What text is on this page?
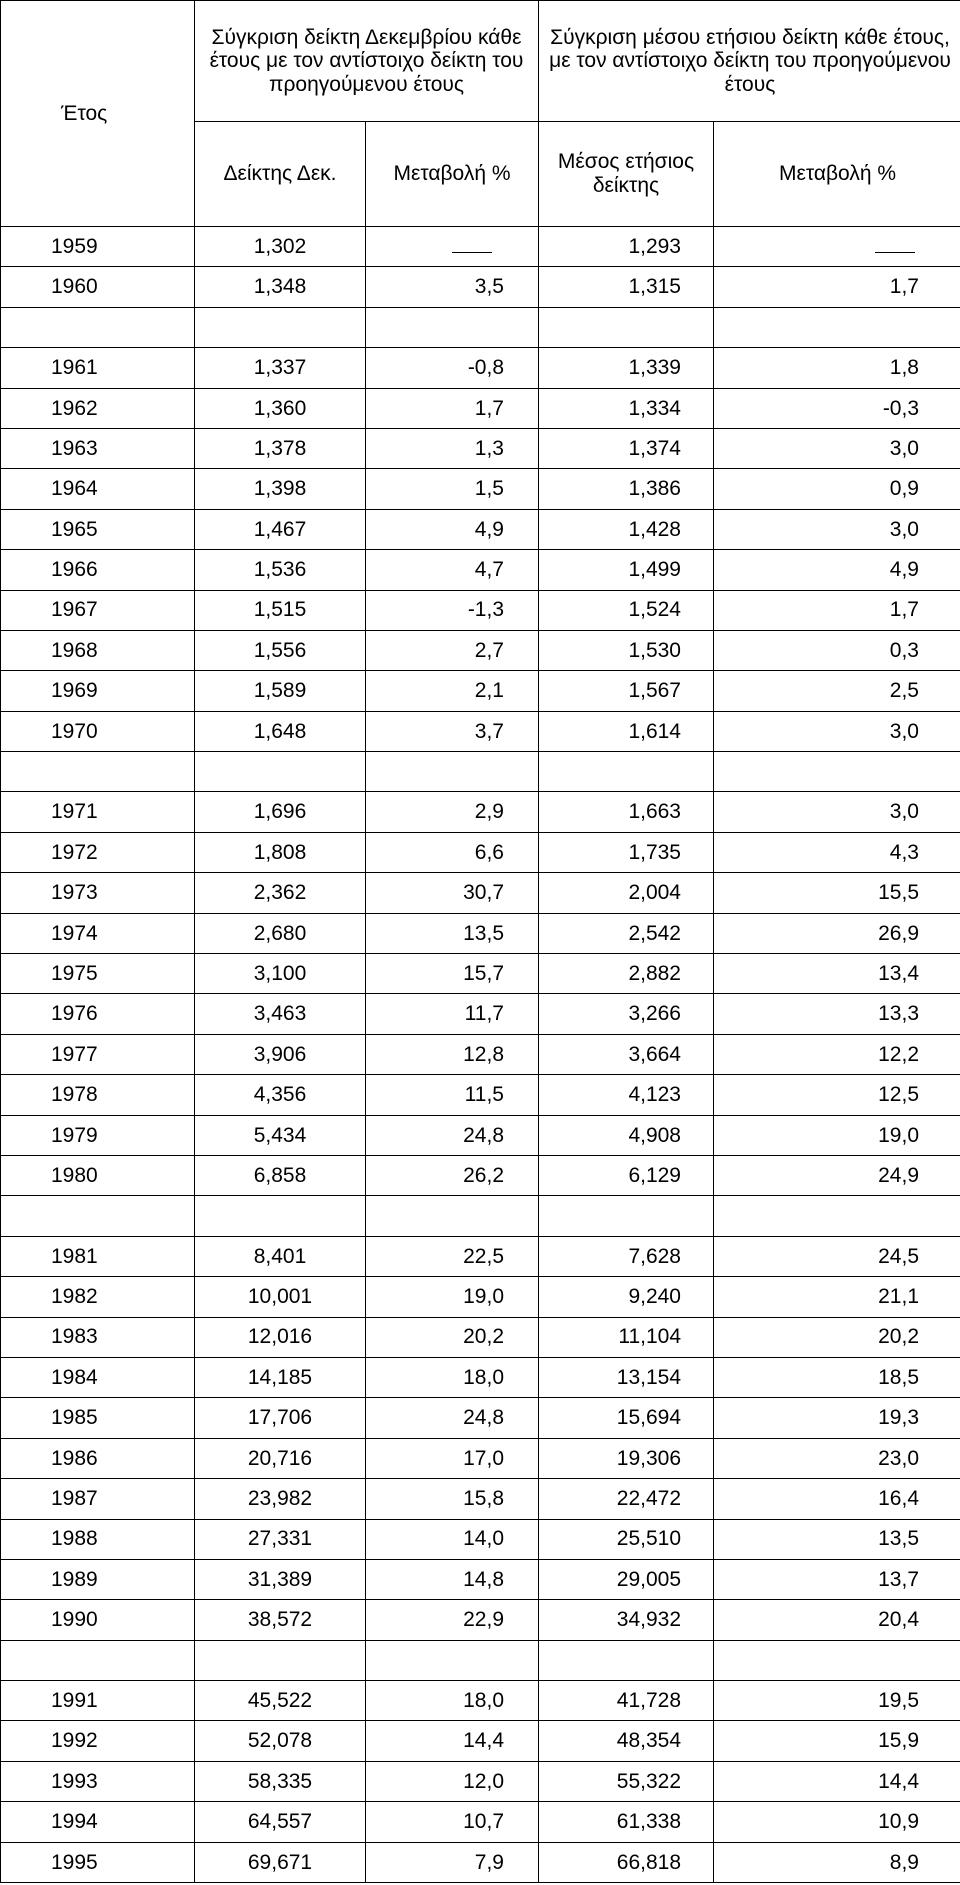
Έτος	Σύγκριση δείκτη Δεκεμβρίου κάθε έτους με τον αντίστοιχο δείκτη του προηγούμενου έτους		Σύγκριση μέσου ετήσιου δείκτη κάθε έτους, με τον αντίστοιχο δείκτη του προηγούμενου έτους	
	Δείκτης Δεκ.	Μεταβολή %	Μέσος ετήσιος δείκτης	Μεταβολή %
1959	1,302		1,293	
1960	1,348	3,5	1,315	1,7

1961	1,337	-0,8	1,339	1,8
1962	1,360	1,7	1,334	-0,3
1963	1,378	1,3	1,374	3,0
1964	1,398	1,5	1,386	0,9
1965	1,467	4,9	1,428	3,0
1966	1,536	4,7	1,499	4,9
1967	1,515	-1,3	1,524	1,7
1968	1,556	2,7	1,530	0,3
1969	1,589	2,1	1,567	2,5
1970	1,648	3,7	1,614	3,0

1971	1,696	2,9	1,663	3,0
1972	1,808	6,6	1,735	4,3
1973	2,362	30,7	2,004	15,5
1974	2,680	13,5	2,542	26,9
1975	3,100	15,7	2,882	13,4
1976	3,463	11,7	3,266	13,3
1977	3,906	12,8	3,664	12,2
1978	4,356	11,5	4,123	12,5
1979	5,434	24,8	4,908	19,0
1980	6,858	26,2	6,129	24,9

1981	8,401	22,5	7,628	24,5
1982	10,001	19,0	9,240	21,1
1983	12,016	20,2	11,104	20,2
1984	14,185	18,0	13,154	18,5
1985	17,706	24,8	15,694	19,3
1986	20,716	17,0	19,306	23,0
1987	23,982	15,8	22,472	16,4
1988	27,331	14,0	25,510	13,5
1989	31,389	14,8	29,005	13,7
1990	38,572	22,9	34,932	20,4

1991	45,522	18,0	41,728	19,5
1992	52,078	14,4	48,354	15,9
1993	58,335	12,0	55,322	14,4
1994	64,557	10,7	61,338	10,9
1995	69,671	7,9	66,818	8,9
